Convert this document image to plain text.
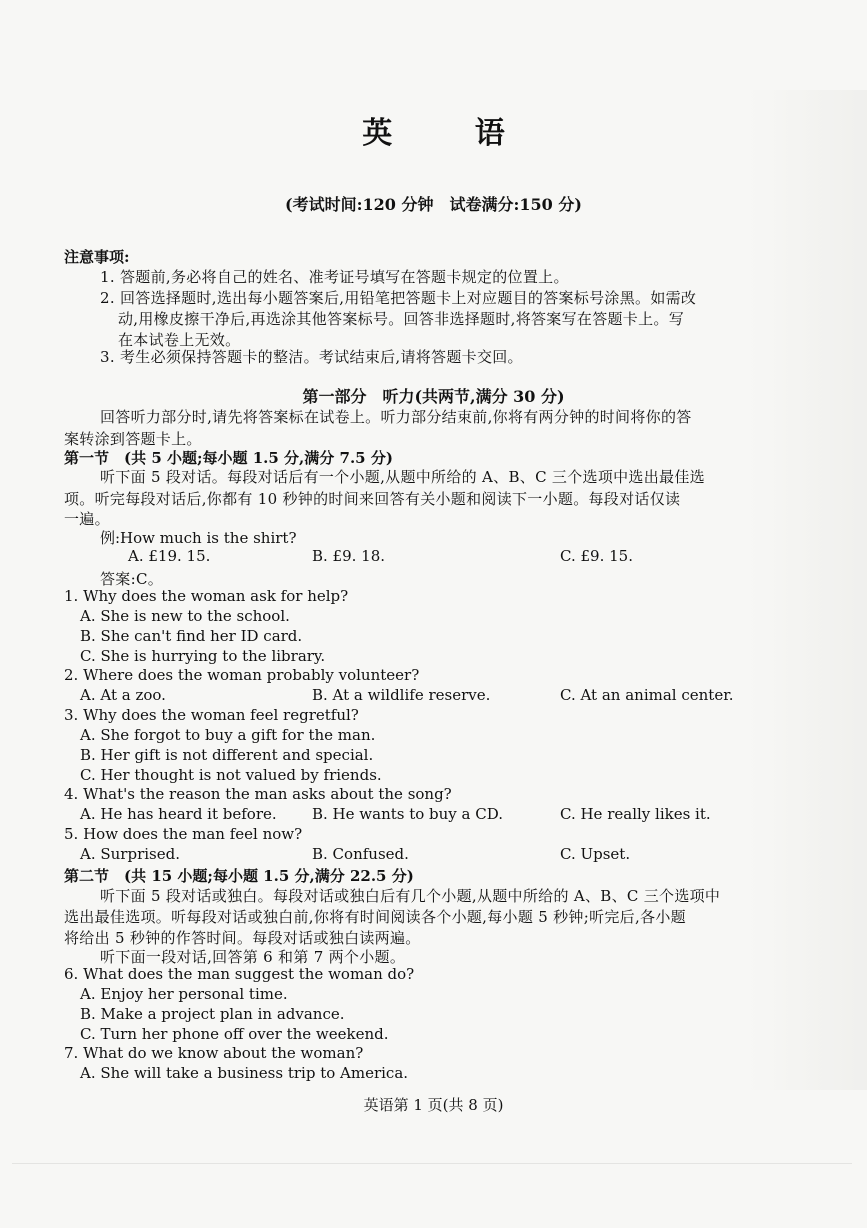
英 语
(考试时间:120 分钟　试卷满分:150 分)
注意事项:
1. 答题前,务必将自己的姓名、准考证号填写在答题卡规定的位置上。
2. 回答选择题时,选出每小题答案后,用铅笔把答题卡上对应题目的答案标号涂黑。如需改
动,用橡皮擦干净后,再选涂其他答案标号。回答非选择题时,将答案写在答题卡上。写
在本试卷上无效。
3. 考生必须保持答题卡的整洁。考试结束后,请将答题卡交回。
第一部分　听力(共两节,满分 30 分)
回答听力部分时,请先将答案标在试卷上。听力部分结束前,你将有两分钟的时间将你的答
案转涂到答题卡上。
第一节　(共 5 小题;每小题 1.5 分,满分 7.5 分)
听下面 5 段对话。每段对话后有一个小题,从题中所给的 A、B、C 三个选项中选出最佳选
项。听完每段对话后,你都有 10 秒钟的时间来回答有关小题和阅读下一小题。每段对话仅读
一遍。
例:How much is the shirt?
A. £19. 15.	B. £9. 18.	C. £9. 15.
答案:C。
1. Why does the woman ask for help?
A. She is new to the school.
B. She can't find her ID card.
C. She is hurrying to the library.
2. Where does the woman probably volunteer?
A. At a zoo.	B. At a wildlife reserve.	C. At an animal center.
3. Why does the woman feel regretful?
A. She forgot to buy a gift for the man.
B. Her gift is not different and special.
C. Her thought is not valued by friends.
4. What's the reason the man asks about the song?
A. He has heard it before. B. He wants to buy a CD.	C. He really likes it.
5. How does the man feel now?
A. Surprised.	B. Confused.	C. Upset.
第二节　(共 15 小题;每小题 1.5 分,满分 22.5 分)
听下面 5 段对话或独白。每段对话或独白后有几个小题,从题中所给的 A、B、C 三个选项中
选出最佳选项。听每段对话或独白前,你将有时间阅读各个小题,每小题 5 秒钟;听完后,各小题
将给出 5 秒钟的作答时间。每段对话或独白读两遍。
听下面一段对话,回答第 6 和第 7 两个小题。
6. What does the man suggest the woman do?
A. Enjoy her personal time.
B. Make a project plan in advance.
C. Turn her phone off over the weekend.
7. What do we know about the woman?
A. She will take a business trip to America.
英语第 1 页(共 8 页)
